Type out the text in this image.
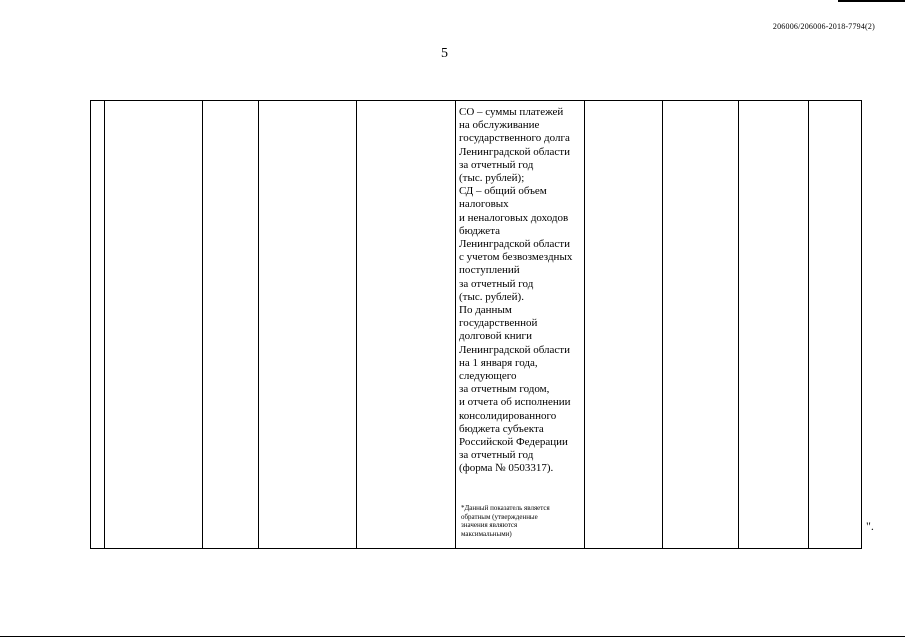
206006/206006-2018-7794(2)
5
СО – суммы платежей
на обслуживание
государственного долга
Ленинградской области
за отчетный год
(тыс. рублей);
СД – общий объем
налоговых
и неналоговых доходов
бюджета
Ленинградской области
с учетом безвозмездных
поступлений
за отчетный год
(тыс. рублей).
По данным
государственной
долговой книги
Ленинградской области
на 1 января года,
следующего
за отчетным годом,
и отчета об исполнении
консолидированного
бюджета субъекта
Российской Федерации
за отчетный год
(форма № 0503317).
*Данный показатель является
обратным (утвержденные
значения являются
максимальными)
".
